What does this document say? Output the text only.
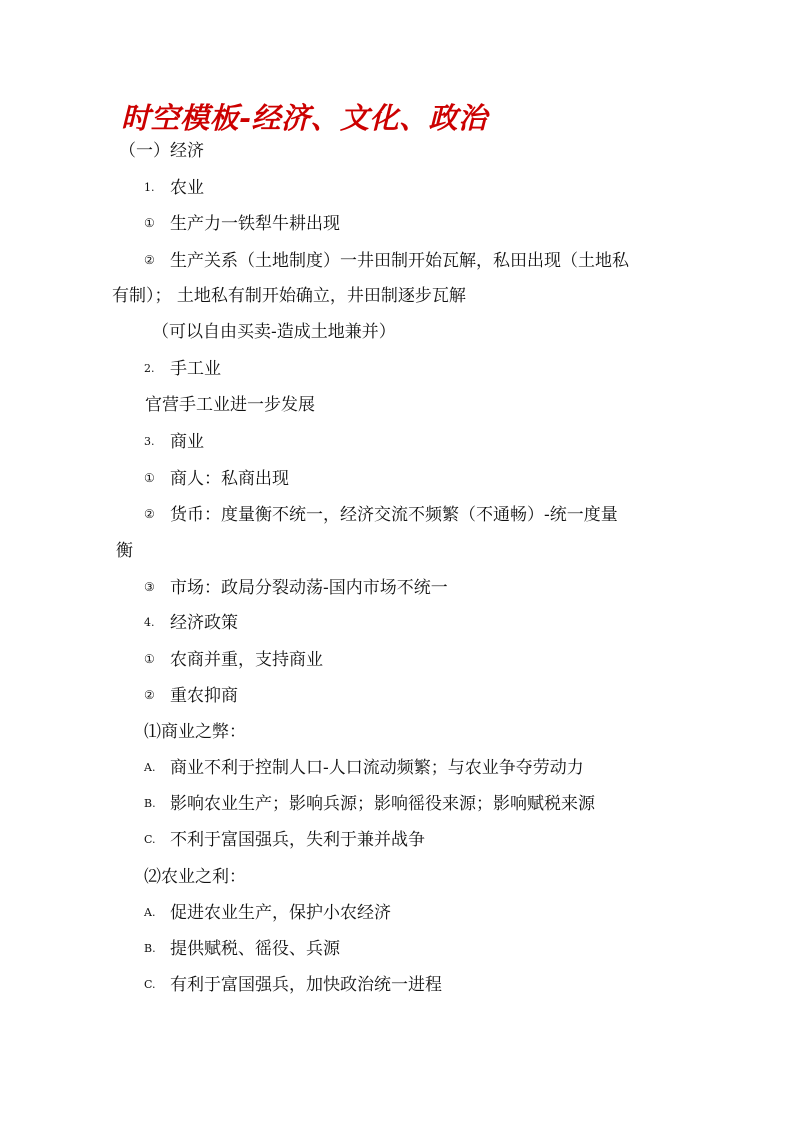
时空模板-经济、文化、政治
（一）经济
1. 农业
① 生产力一铁犁牛耕出现
② 生产关系（土地制度）一井田制开始瓦解，私田出现（土地私
有制）； 土地私有制开始确立，井田制逐步瓦解
（可以自由买卖-造成土地兼并）
2. 手工业
官营手工业进一步发展
3. 商业
① 商人：私商出现
② 货币：度量衡不统一，经济交流不频繁（不通畅）-统一度量
衡
③ 市场：政局分裂动荡-国内市场不统一
4. 经济政策
① 农商并重，支持商业
② 重农抑商
⑴商业之弊：
A. 商业不利于控制人口-人口流动频繁；与农业争夺劳动力
B. 影响农业生产；影响兵源；影响徭役来源；影响赋税来源
C. 不利于富国强兵，失利于兼并战争
⑵农业之利：
A. 促进农业生产，保护小农经济
B. 提供赋税、徭役、兵源
C. 有利于富国强兵，加快政治统一进程
